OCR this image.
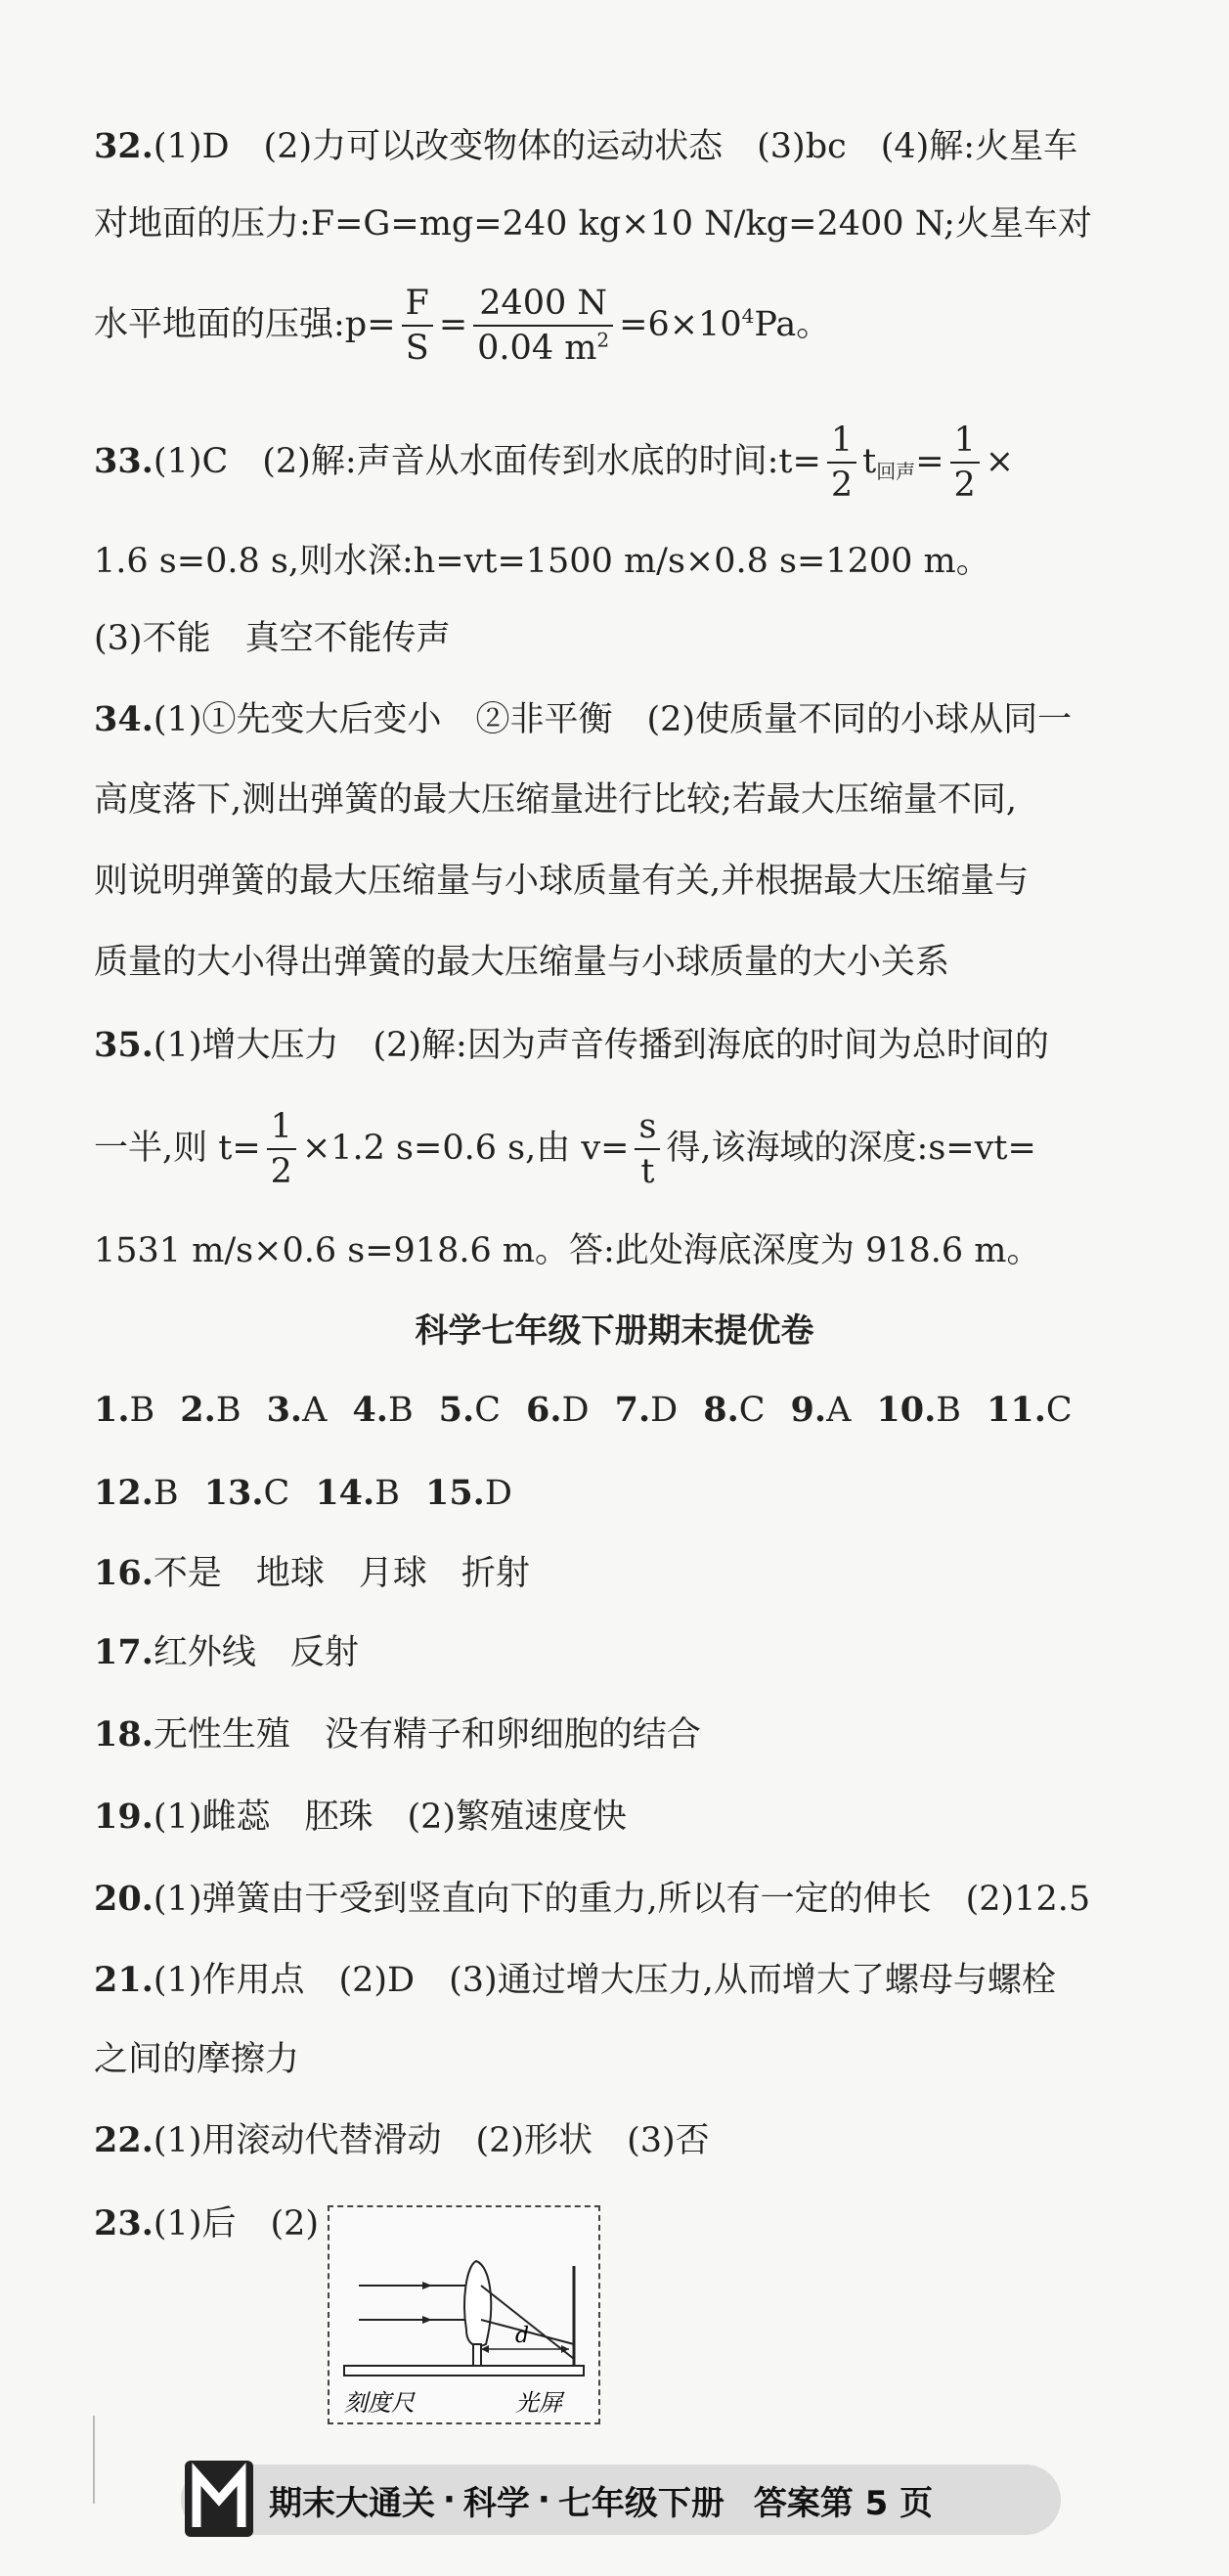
32.(1)D　(2)力可以改变物体的运动状态　(3)bc　(4)解:火星车
对地面的压力:F=G=mg=240 kg×10 N/kg=2400 N;火星车对
水平地面的压强:p= $\frac{F}{S} = \frac{2400 N}{0.04 m^2} =6\times 10^4Pa$。
33.(1)C　(2)解:声音从水面传到水底的时间:t= $\frac{1}{2} t_{回声}= \frac{1}{2}$ ×
1.6 s=0.8 s,则水深:h=vt=1500 m/s×0.8 s=1200 m。
(3)不能　真空不能传声
34.(1)①先变大后变小　②非平衡　(2)使质量不同的小球从同一
高度落下,测出弹簧的最大压缩量进行比较;若最大压缩量不同,
则说明弹簧的最大压缩量与小球质量有关,并根据最大压缩量与
质量的大小得出弹簧的最大压缩量与小球质量的大小关系
35.(1)增大压力　(2)解:因为声音传播到海底的时间为总时间的
一半,则 $t= \frac{1}{2} \times 1.2$ s=0.6 s,由 $v= \frac{s}{t}$ 得,该海域的深度:s=vt=
1531 m/s×0.6 s=918.6 m。答:此处海底深度为 918.6 m。
科学七年级下册期末提优卷
1.B 2.B 3.A 4.B 5.C 6.D 7.D 8.C 9.A 10.B 11.C
12.B 13.C 14.B 15.D
16.不是　地球　月球　折射
17.红外线　反射
18.无性生殖　没有精子和卵细胞的结合
19.(1)雌蕊　胚珠　(2)繁殖速度快
20.(1)弹簧由于受到竖直向下的重力,所以有一定的伸长　(2)12.5
21.(1)作用点　(2)D　(3)通过增大压力,从而增大了螺母与螺栓
之间的摩擦力
22.(1)用滚动代替滑动　(2)形状　(3)否
23.(1)后　(2)
d
刻度尺	光屏
期末大通关 · 科学 · 七年级下册 答案第 5 页
